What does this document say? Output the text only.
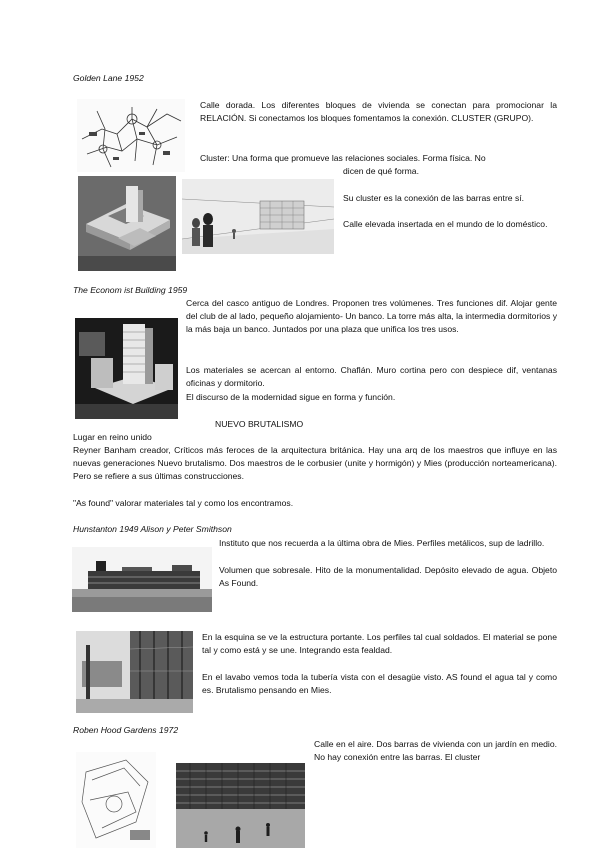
Golden Lane 1952

Calle dorada. Los diferentes bloques de vivienda se conectan para promocionar la RELACIÓN. Si conectamos los bloques fomentamos la conexión. CLUSTER (GRUPO).

Cluster: Una forma que promueve las relaciones sociales. Forma física. No

dicen de qué forma.

Su cluster es la conexión de las barras entre sí.

Calle elevada insertada en el mundo de lo doméstico.

The Econom ist Building 1959

Cerca del casco antiguo de Londres. Proponen tres volúmenes. Tres funciones dif. Alojar gente del club de al lado, pequeño alojamiento- Un banco. La torre más alta, la intermedia dormitorios y la más baja un banco. Juntados por una plaza que unifica los tres usos.

Los materiales se acercan al entorno. Chaflán. Muro cortina pero con despiece dif, ventanas oficinas y dormitorio.

El discurso de la modernidad sigue en forma y función.

NUEVO BRUTALISMO

Lugar en reino unido

Reyner Banham creador, Críticos más feroces de la arquitectura británica. Hay una arq de los maestros que influye en las nuevas generaciones Nuevo brutalismo. Dos maestros de le corbusier (unite y hormigón) y Mies (producción norteamericana). Pero se refiere a sus últimas construcciones.

"As found" valorar materiales tal y como los encontramos.

Hunstanton 1949 Alison y Peter Smithson

Instituto que nos recuerda a la última obra de Mies. Perfiles metálicos, sup de ladrillo.

Volumen que sobresale. Hito de la monumentalidad. Depósito elevado de agua. Objeto As Found.

En la esquina se ve la estructura portante. Los perfiles tal cual soldados. El material se pone tal y como está y se une. Integrando esta fealdad.

En el lavabo vemos toda la tubería vista con el desagüe visto. AS found el agua tal y como es. Brutalismo pensando en Mies.

Roben Hood Gardens 1972

Calle en el aire. Dos barras de vivienda con un jardín en medio. No hay conexión entre las barras. El cluster
